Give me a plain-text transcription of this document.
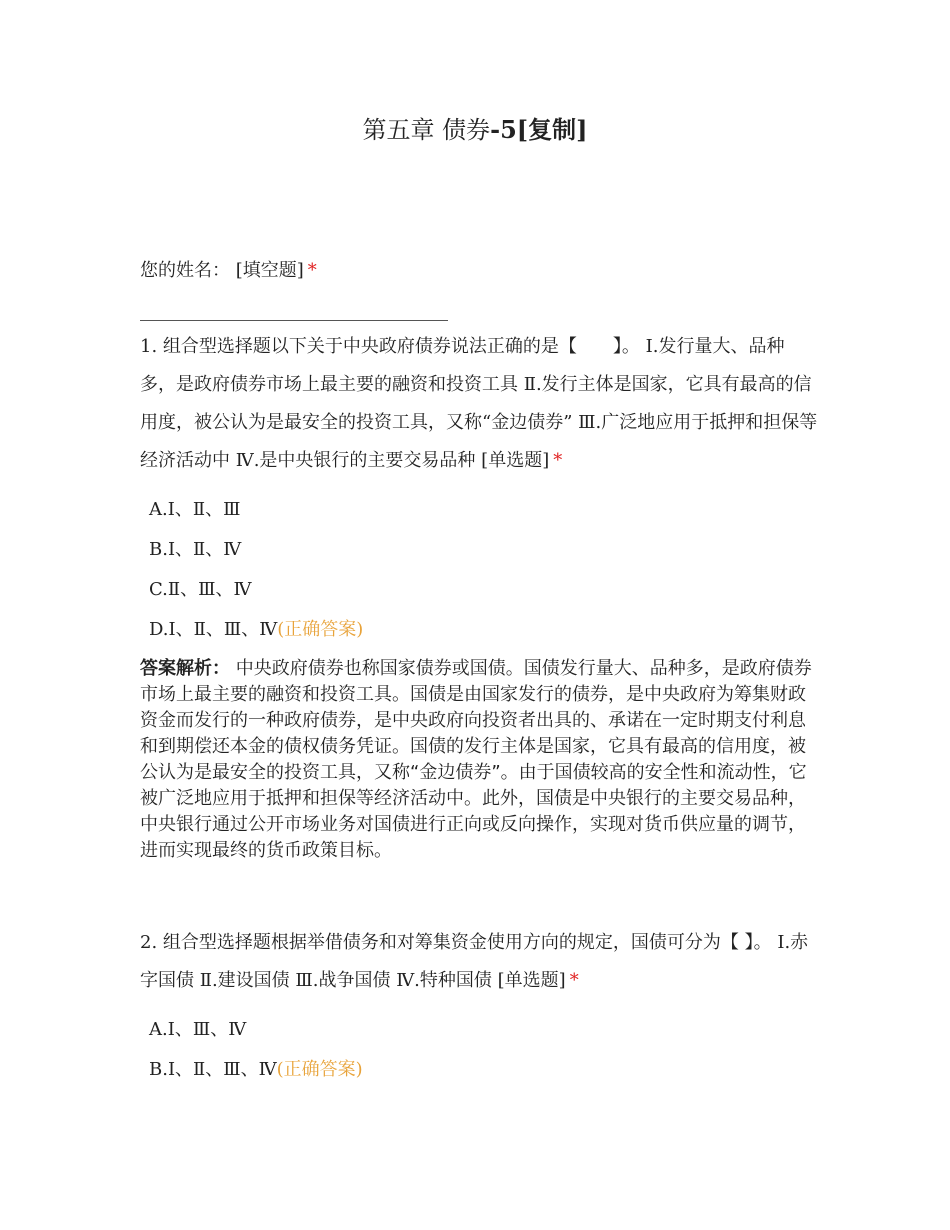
第五章 债券-5[复制]
您的姓名： [填空题] *
1. 组合型选择题以下关于中央政府债券说法正确的是【　　】。 Ⅰ.发行量大、品种多，是政府债券市场上最主要的融资和投资工具 Ⅱ.发行主体是国家，它具有最高的信用度，被公认为是最安全的投资工具，又称“金边债券” Ⅲ.广泛地应用于抵押和担保等经济活动中 Ⅳ.是中央银行的主要交易品种 [单选题] *
A.Ⅰ、Ⅱ、Ⅲ
B.Ⅰ、Ⅱ、Ⅳ
C.Ⅱ、Ⅲ、Ⅳ
D.Ⅰ、Ⅱ、Ⅲ、Ⅳ(正确答案)
答案解析： 中央政府债券也称国家债券或国债。国债发行量大、品种多，是政府债券市场上最主要的融资和投资工具。国债是由国家发行的债券，是中央政府为筹集财政资金而发行的一种政府债券，是中央政府向投资者出具的、承诺在一定时期支付利息和到期偿还本金的债权债务凭证。国债的发行主体是国家，它具有最高的信用度，被公认为是最安全的投资工具，又称“金边债券”。由于国债较高的安全性和流动性，它被广泛地应用于抵押和担保等经济活动中。此外，国债是中央银行的主要交易品种，中央银行通过公开市场业务对国债进行正向或反向操作，实现对货币供应量的调节，进而实现最终的货币政策目标。
2. 组合型选择题根据举借债务和对筹集资金使用方向的规定，国债可分为【 】。 Ⅰ.赤字国债 Ⅱ.建设国债 Ⅲ.战争国债 Ⅳ.特种国债 [单选题] *
A.Ⅰ、Ⅲ、Ⅳ
B.Ⅰ、Ⅱ、Ⅲ、Ⅳ(正确答案)
